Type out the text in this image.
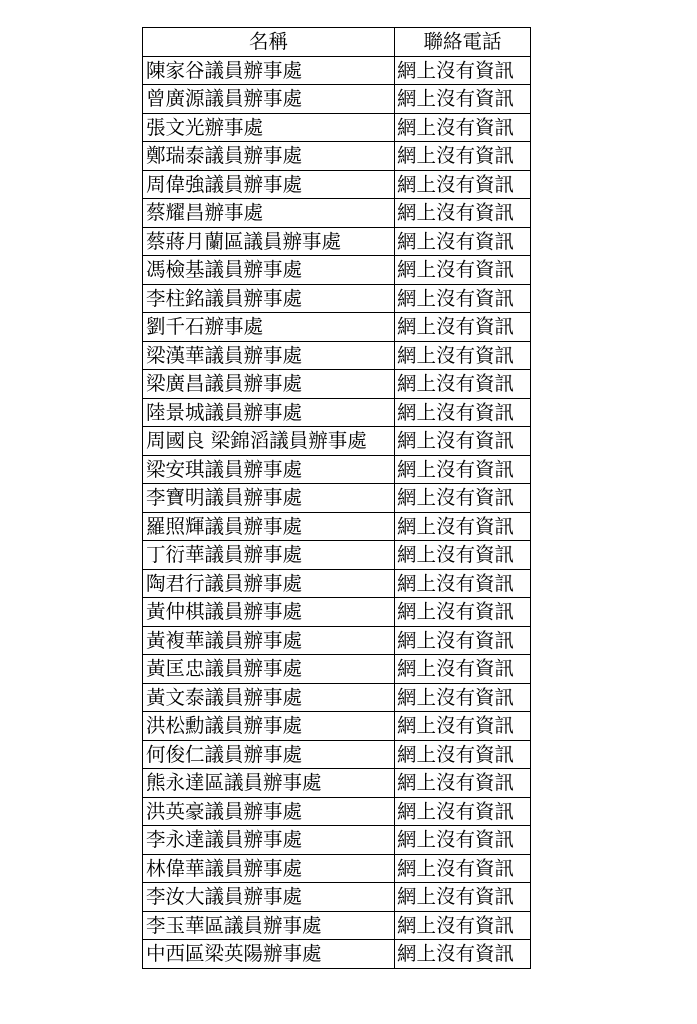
名稱	聯絡電話
陳家谷議員辦事處	網上沒有資訊
曾廣源議員辦事處	網上沒有資訊
張文光辦事處	網上沒有資訊
鄭瑞泰議員辦事處	網上沒有資訊
周偉強議員辦事處	網上沒有資訊
蔡耀昌辦事處	網上沒有資訊
蔡蔣月蘭區議員辦事處	網上沒有資訊
馮檢基議員辦事處	網上沒有資訊
李柱銘議員辦事處	網上沒有資訊
劉千石辦事處	網上沒有資訊
梁漢華議員辦事處	網上沒有資訊
梁廣昌議員辦事處	網上沒有資訊
陸景城議員辦事處	網上沒有資訊
周國良 梁錦滔議員辦事處	網上沒有資訊
梁安琪議員辦事處	網上沒有資訊
李寶明議員辦事處	網上沒有資訊
羅照輝議員辦事處	網上沒有資訊
丁衍華議員辦事處	網上沒有資訊
陶君行議員辦事處	網上沒有資訊
黃仲棋議員辦事處	網上沒有資訊
黃複華議員辦事處	網上沒有資訊
黃匡忠議員辦事處	網上沒有資訊
黃文泰議員辦事處	網上沒有資訊
洪松勳議員辦事處	網上沒有資訊
何俊仁議員辦事處	網上沒有資訊
熊永達區議員辦事處	網上沒有資訊
洪英豪議員辦事處	網上沒有資訊
李永達議員辦事處	網上沒有資訊
林偉華議員辦事處	網上沒有資訊
李汝大議員辦事處	網上沒有資訊
李玉華區議員辦事處	網上沒有資訊
中西區梁英陽辦事處	網上沒有資訊
